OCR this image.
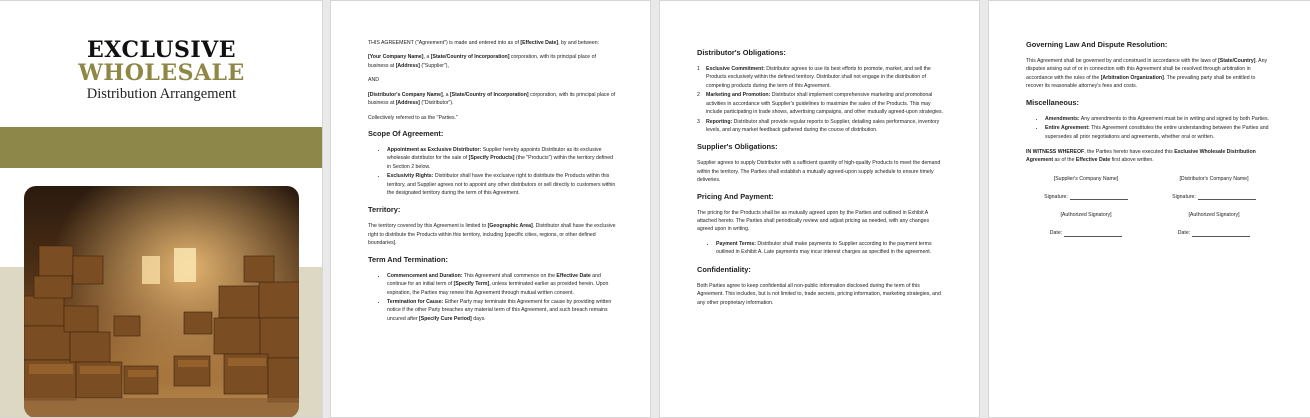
EXCLUSIVE
WHOLESALE
Distribution Arrangement

THIS AGREEMENT ("Agreement") is made and entered into as of [Effective Date], by and between:

[Your Company Name], a [State/Country of Incorporation] corporation, with its principal place of business at [Address] ("Supplier"),

AND

[Distributor's Company Name], a [State/Country of Incorporation] corporation, with its principal place of business at [Address] ("Distributor").

Collectively referred to as the "Parties."

Scope Of Agreement:
• Appointment as Exclusive Distributor: Supplier hereby appoints Distributor as its exclusive wholesale distributor for the sale of [Specify Products] (the "Products") within the territory defined in Section 2 below.
• Exclusivity Rights: Distributor shall have the exclusive right to distribute the Products within this territory, and Supplier agrees not to appoint any other distributors or sell directly to customers within the designated territory during the term of this Agreement.
Territory:

The territory covered by this Agreement is limited to [Geographic Area]. Distributor shall have the exclusive right to distribute the Products within this territory, including [specific cities, regions, or other defined boundaries].

Term And Termination:
• Commencement and Duration: This Agreement shall commence on the Effective Date and continue for an initial term of [Specify Term], unless terminated earlier as provided herein. Upon expiration, the Parties may renew this Agreement through mutual written consent.
• Termination for Cause: Either Party may terminate this Agreement for cause by providing written notice if the other Party breaches any material term of this Agreement, and such breach remains uncured after [Specify Cure Period] days.
Distributor's Obligations:
1	Exclusive Commitment: Distributor agrees to use its best efforts to promote, market, and sell the Products exclusively within the defined territory. Distributor shall not engage in the distribution of competing products during the term of this Agreement.
2	Marketing and Promotion: Distributor shall implement comprehensive marketing and promotional activities in accordance with Supplier's guidelines to maximize the sales of the Products. This may include participating in trade shows, advertising campaigns, and other mutually agreed-upon strategies.
3	Reporting: Distributor shall provide regular reports to Supplier, detailing sales performance, inventory levels, and any market feedback gathered during the course of distribution.
Supplier's Obligations:

Supplier agrees to supply Distributor with a sufficient quantity of high-quality Products to meet the demand within the territory. The Parties shall establish a mutually agreed-upon supply schedule to ensure timely deliveries.

Pricing And Payment:

The pricing for the Products shall be as mutually agreed upon by the Parties and outlined in Exhibit A attached hereto. The Parties shall periodically review and adjust pricing as needed, with any changes agreed upon in writing.

• Payment Terms: Distributor shall make payments to Supplier according to the payment terms outlined in Exhibit A. Late payments may incur interest charges as specified in the agreement.
Confidentiality:

Both Parties agree to keep confidential all non-public information disclosed during the term of this Agreement. This includes, but is not limited to, trade secrets, pricing information, marketing strategies, and any other proprietary information.

Governing Law And Dispute Resolution:

This Agreement shall be governed by and construed in accordance with the laws of [State/Country]. Any disputes arising out of or in connection with this Agreement shall be resolved through arbitration in accordance with the rules of the [Arbitration Organization]. The prevailing party shall be entitled to recover its reasonable attorney's fees and costs.

Miscellaneous:
• Amendments: Any amendments to this Agreement must be in writing and signed by both Parties.
• Entire Agreement: This Agreement constitutes the entire understanding between the Parties and supersedes all prior negotiations and agreements, whether oral or written.

IN WITNESS WHEREOF, the Parties hereto have executed this Exclusive Wholesale Distribution Agreement as of the Effective Date first above written.

[Supplier's Company Name]
Signature:
[Authorized Signatory]
Date:
[Distributor's Company Name]
Signature:
[Authorized Signatory]
Date:
